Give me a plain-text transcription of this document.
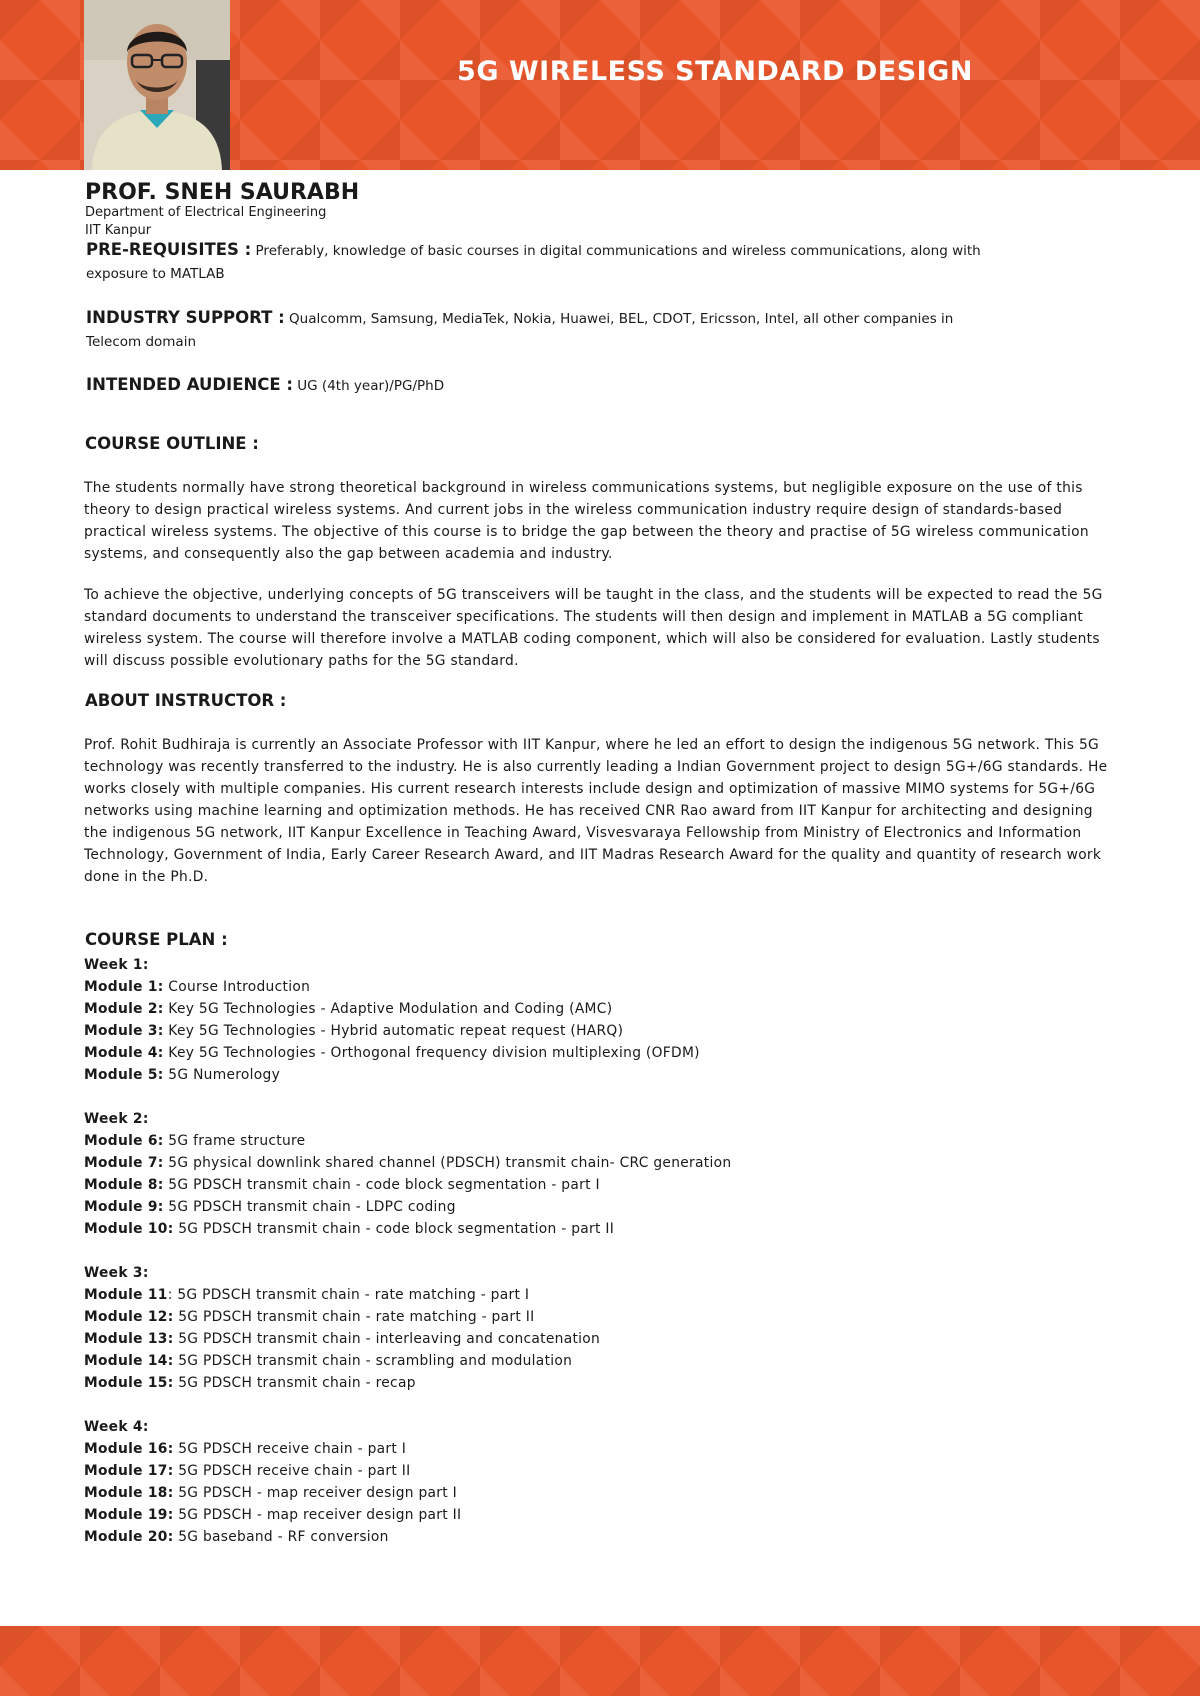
5G WIRELESS STANDARD DESIGN
PROF. SNEH SAURABH
Department of Electrical Engineering
IIT Kanpur
PRE-REQUISITES : Preferably, knowledge of basic courses in digital communications and wireless communications, along with exposure to MATLAB
INDUSTRY SUPPORT : Qualcomm, Samsung, MediaTek, Nokia, Huawei, BEL, CDOT, Ericsson, Intel, all other companies in Telecom domain
INTENDED AUDIENCE : UG (4th year)/PG/PhD
COURSE OUTLINE :

The students normally have strong theoretical background in wireless communications systems, but negligible exposure on the use of this theory to design practical wireless systems. And current jobs in the wireless communication industry require design of standards-based practical wireless systems. The objective of this course is to bridge the gap between the theory and practise of 5G wireless communication systems, and consequently also the gap between academia and industry.

To achieve the objective, underlying concepts of 5G transceivers will be taught in the class, and the students will be expected to read the 5G standard documents to understand the transceiver specifications. The students will then design and implement in MATLAB a 5G compliant wireless system. The course will therefore involve a MATLAB coding component, which will also be considered for evaluation. Lastly students will discuss possible evolutionary paths for the 5G standard.

ABOUT INSTRUCTOR :

Prof. Rohit Budhiraja is currently an Associate Professor with IIT Kanpur, where he led an effort to design the indigenous 5G network. This 5G technology was recently transferred to the industry. He is also currently leading a Indian Government project to design 5G+/6G standards. He works closely with multiple companies. His current research interests include design and optimization of massive MIMO systems for 5G+/6G networks using machine learning and optimization methods. He has received CNR Rao award from IIT Kanpur for architecting and designing the indigenous 5G network, IIT Kanpur Excellence in Teaching Award, Visvesvaraya Fellowship from Ministry of Electronics and Information Technology, Government of India, Early Career Research Award, and IIT Madras Research Award for the quality and quantity of research work done in the Ph.D.

COURSE PLAN :
Week 1:
Module 1: Course Introduction
Module 2: Key 5G Technologies - Adaptive Modulation and Coding (AMC)
Module 3: Key 5G Technologies - Hybrid automatic repeat request (HARQ)
Module 4: Key 5G Technologies - Orthogonal frequency division multiplexing (OFDM)
Module 5: 5G Numerology
Week 2:
Module 6: 5G frame structure
Module 7: 5G physical downlink shared channel (PDSCH) transmit chain- CRC generation
Module 8: 5G PDSCH transmit chain - code block segmentation - part I
Module 9: 5G PDSCH transmit chain - LDPC coding
Module 10: 5G PDSCH transmit chain - code block segmentation - part II
Week 3:
Module 11: 5G PDSCH transmit chain - rate matching - part I
Module 12: 5G PDSCH transmit chain - rate matching - part II
Module 13: 5G PDSCH transmit chain - interleaving and concatenation
Module 14: 5G PDSCH transmit chain - scrambling and modulation
Module 15: 5G PDSCH transmit chain - recap
Week 4:
Module 16: 5G PDSCH receive chain - part I
Module 17: 5G PDSCH receive chain - part II
Module 18: 5G PDSCH - map receiver design part I
Module 19: 5G PDSCH - map receiver design part II
Module 20: 5G baseband - RF conversion
